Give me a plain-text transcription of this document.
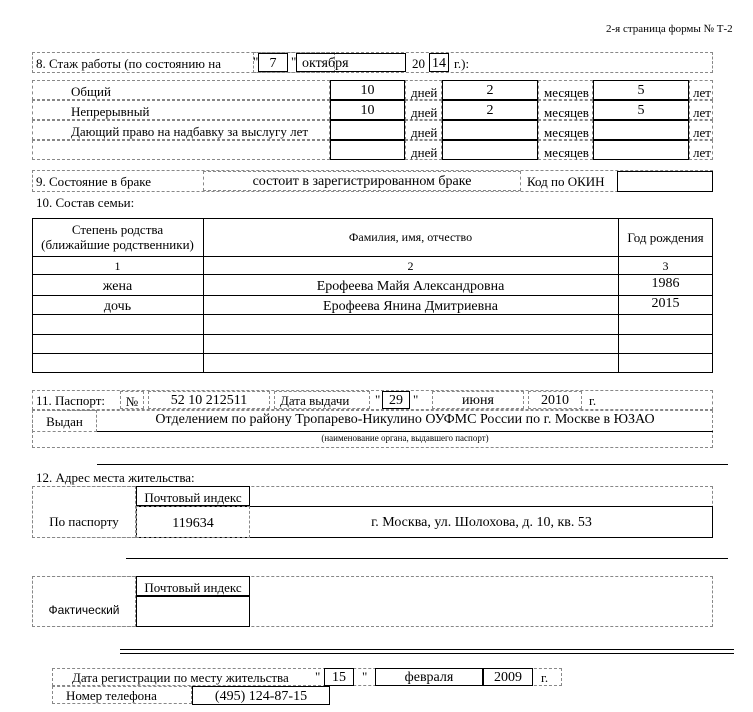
2-я страница формы № Т-2
8. Стаж работы (по состоянию на " 7	" октября	20 14 г.):
Общий	10	дней	2	месяцев	5	лет
Непрерывный	10	дней	2	месяцев	5	лет
Дающий право на надбавку за выслугу лет	дней	месяцев	лет
дней	месяцев	лет
9. Состояние в браке	состоит в зарегистрированном браке	Код по ОКИН
10. Состав семьи:
Степень родства
(ближайшие родственники)	Фамилия, имя, отчество	Год рождения
1	2	3
жена	Ерофеева Майя Александровна	1986
дочь	Ерофеева Янина Дмитриевна	2015
11. Паспорт:	№	52 10 212511	Дата выдачи " 29 "	июня	2010	г.
Выдан	Отделением по району Тропарево-Никулино ОУФМС России по г. Москве в ЮЗАО
(наименование органа, выдавшего паспорт)
12. Адрес места жительства:
По паспорту
Почтовый индекс
119634	г. Москва, ул. Шолохова, д. 10, кв. 53
Фактический
Почтовый индекс
Дата регистрации по месту жительства " 15	"	февраля	2009	г.
Номер телефона	(495) 124-87-15
